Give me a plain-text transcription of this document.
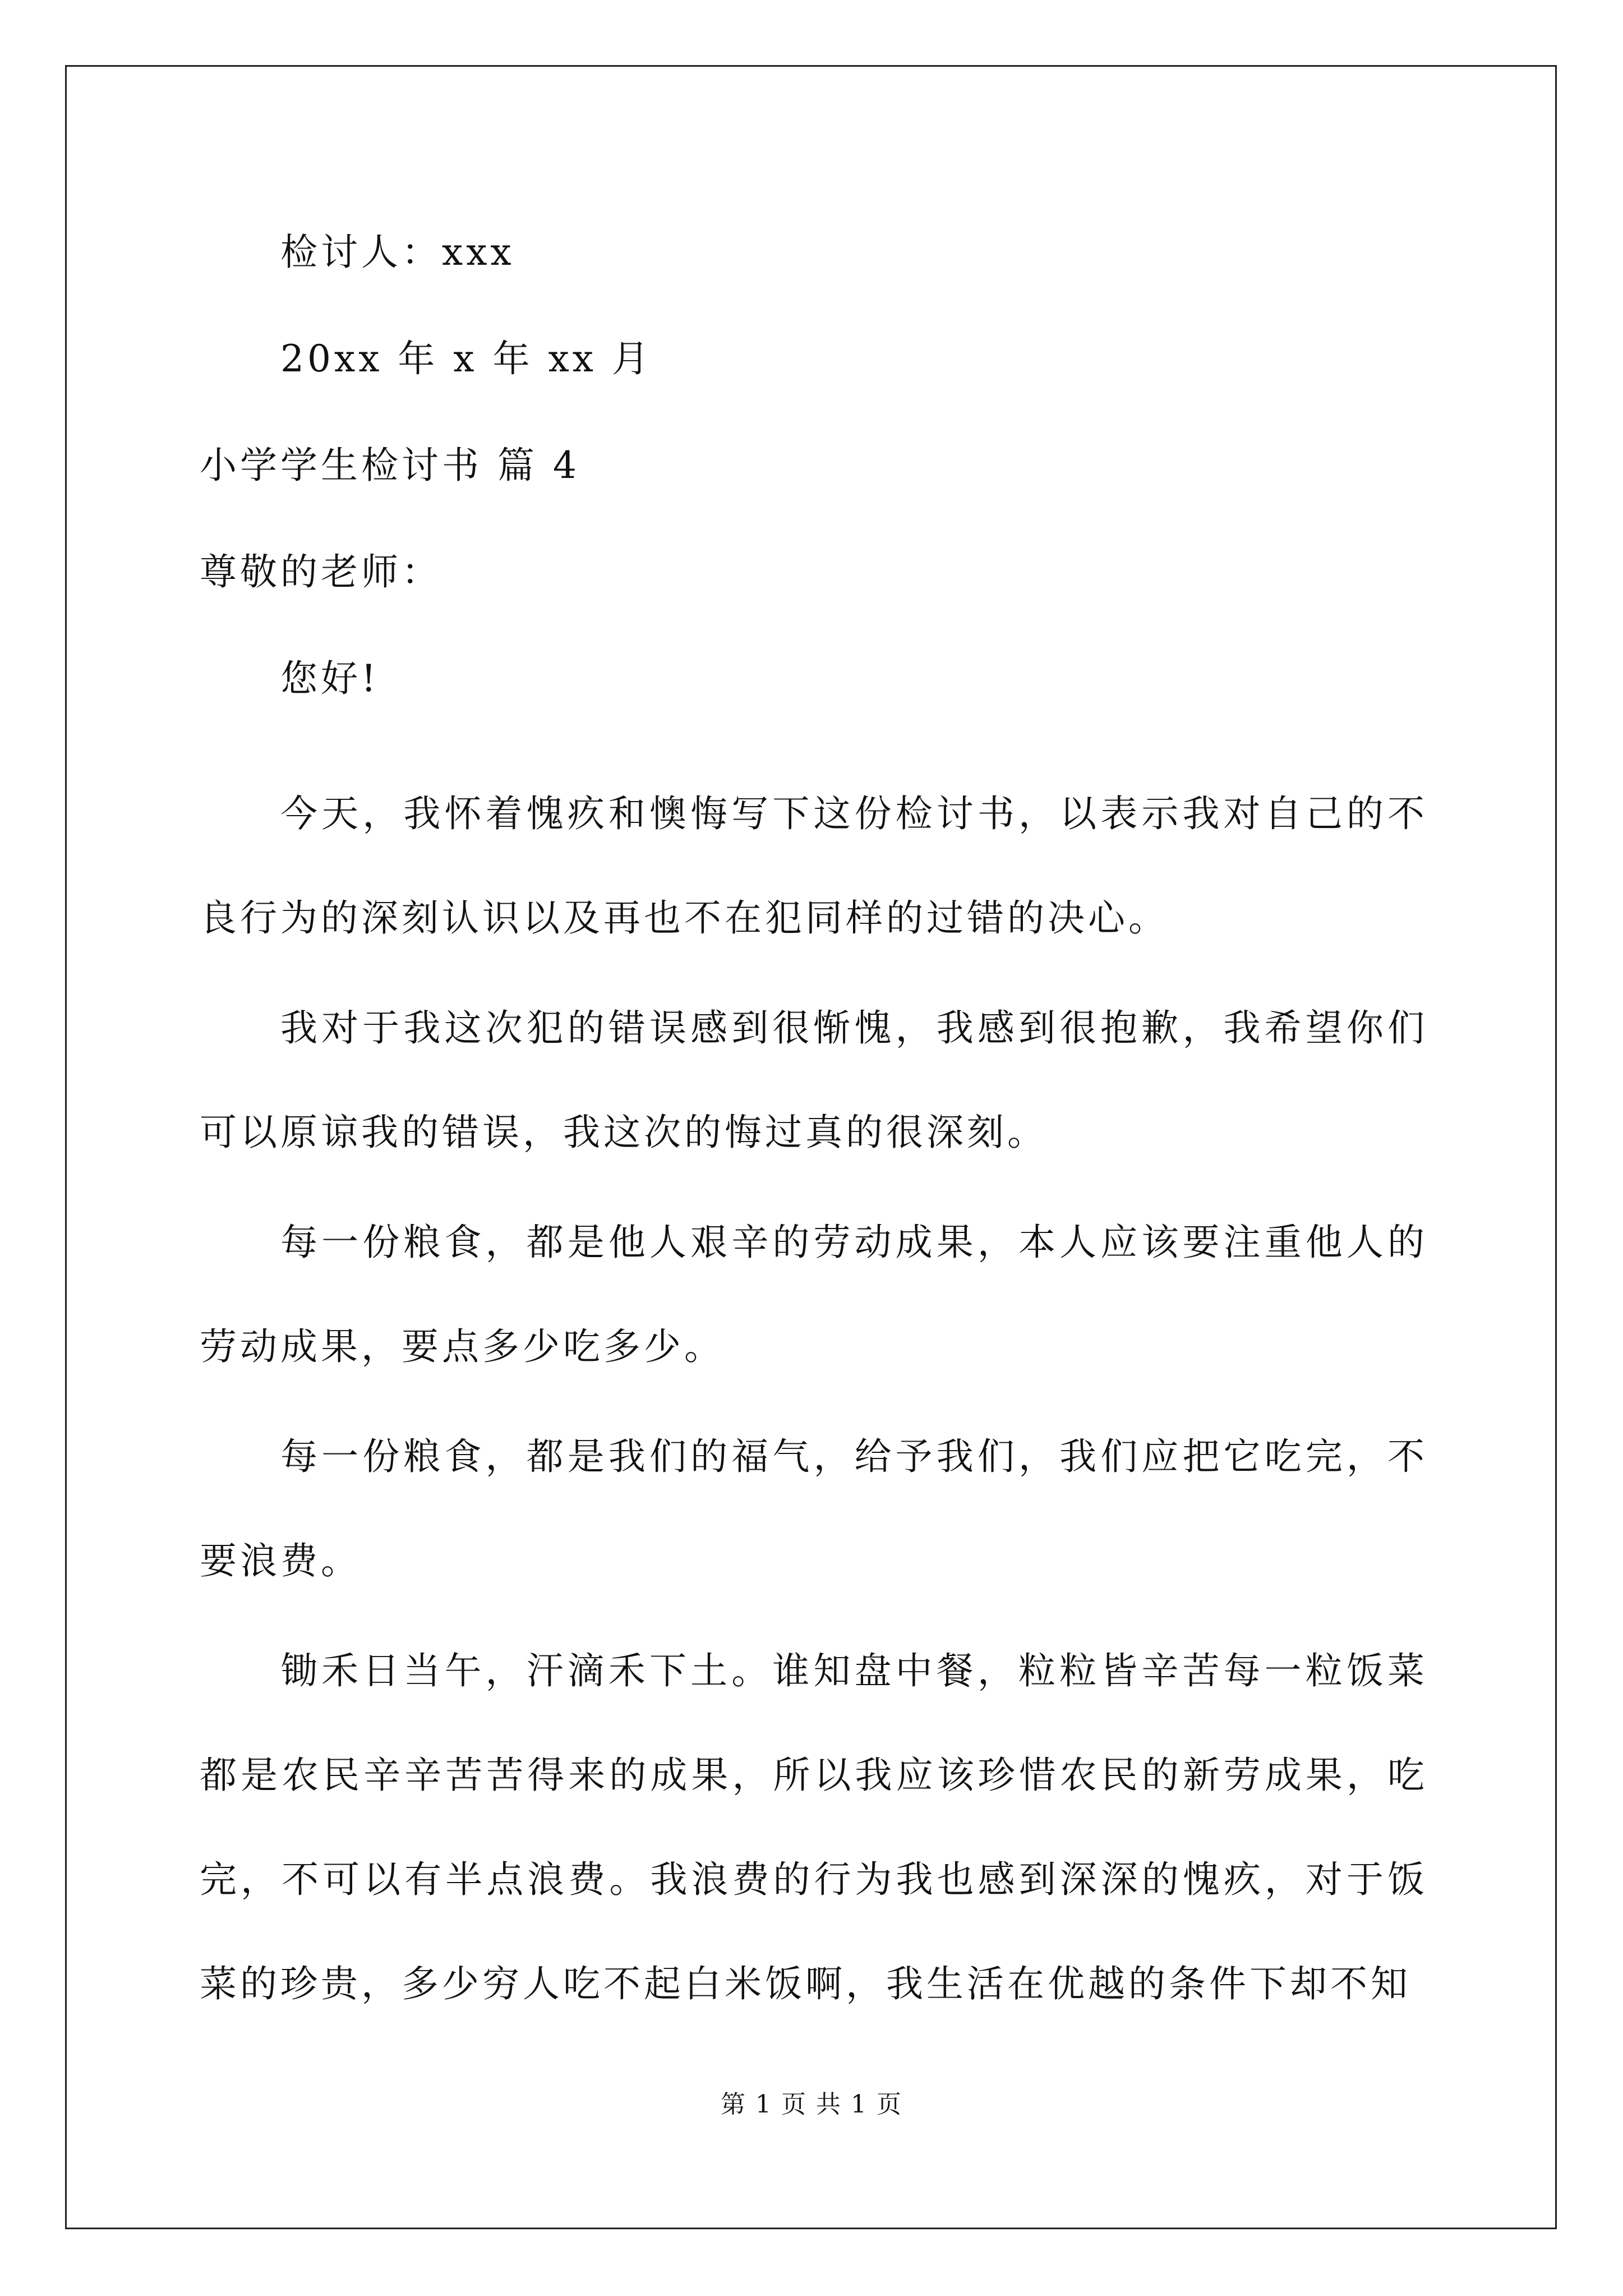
检讨人：xxx
20xx 年 x 年 xx 月
小学学生检讨书 篇 4
尊敬的老师：
您好!
今天，我怀着愧疚和懊悔写下这份检讨书，以表示我对自己的不良行为的深刻认识以及再也不在犯同样的过错的决心。
我对于我这次犯的错误感到很惭愧，我感到很抱歉，我希望你们可以原谅我的错误，我这次的悔过真的很深刻。
每一份粮食，都是他人艰辛的劳动成果，本人应该要注重他人的劳动成果，要点多少吃多少。
每一份粮食，都是我们的福气，给予我们，我们应把它吃完，不要浪费。
锄禾日当午，汗滴禾下土。谁知盘中餐，粒粒皆辛苦每一粒饭菜都是农民辛辛苦苦得来的成果，所以我应该珍惜农民的新劳成果，吃完，不可以有半点浪费。我浪费的行为我也感到深深的愧疚，对于饭菜的珍贵，多少穷人吃不起白米饭啊，我生活在优越的条件下却不知
第 1 页 共 1 页
